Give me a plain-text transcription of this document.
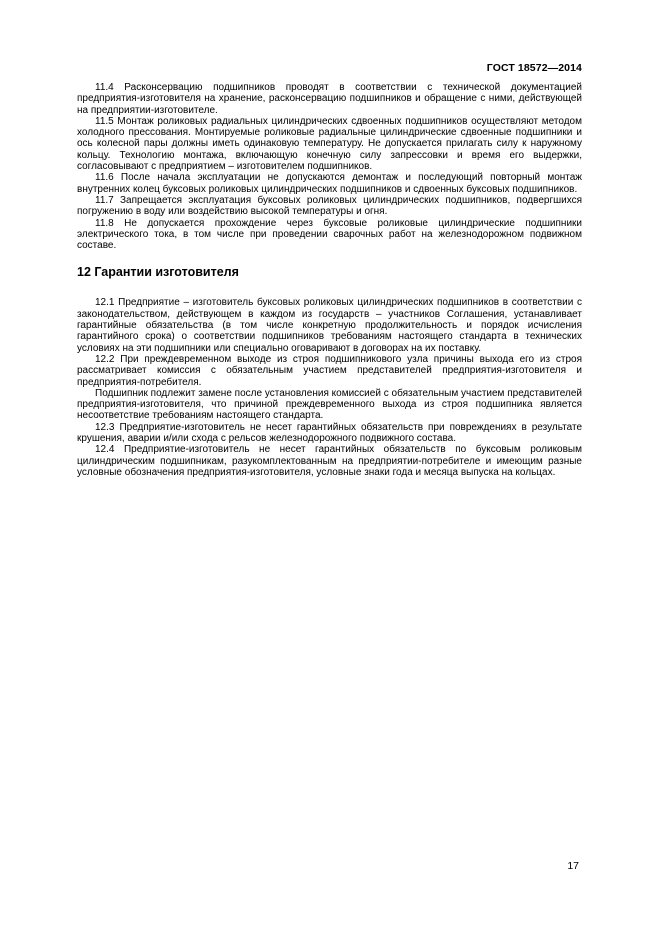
ГОСТ 18572—2014

11.4 Расконсервацию подшипников проводят в соответствии с технической документацией предприятия-изготовителя на хранение, расконсервацию подшипников и обращение с ними, действующей на предприятии-изготовителе.

11.5 Монтаж роликовых радиальных цилиндрических сдвоенных подшипников осуществляют методом холодного прессования. Монтируемые роликовые радиальные цилиндрические сдвоенные подшипники и ось колесной пары должны иметь одинаковую температуру. Не допускается прилагать силу к наружному кольцу. Технологию монтажа, включающую конечную силу запрессовки и время его выдержки, согласовывают с предприятием – изготовителем подшипников.

11.6 После начала эксплуатации не допускаются демонтаж и последующий повторный монтаж внутренних колец буксовых роликовых цилиндрических подшипников и сдвоенных буксовых подшипников.

11.7 Запрещается эксплуатация буксовых роликовых цилиндрических подшипников, подвергшихся погружению в воду или воздействию высокой температуры и огня.

11.8 Не допускается прохождение через буксовые роликовые цилиндрические подшипники электрического тока, в том числе при проведении сварочных работ на железнодорожном подвижном составе.

12 Гарантии изготовителя

12.1 Предприятие – изготовитель буксовых роликовых цилиндрических подшипников в соответствии с законодательством, действующем в каждом из государств – участников Соглашения, устанавливает гарантийные обязательства (в том числе конкретную продолжительность и порядок исчисления гарантийного срока) о соответствии подшипников требованиям настоящего стандарта в технических условиях на эти подшипники или специально оговаривают в договорах на их поставку.

12.2 При преждевременном выходе из строя подшипникового узла причины выхода его из строя рассматривает комиссия с обязательным участием представителей предприятия-изготовителя и предприятия-потребителя.

Подшипник подлежит замене после установления комиссией с обязательным участием представителей предприятия-изготовителя, что причиной преждевременного выхода из строя подшипника является несоответствие требованиям настоящего стандарта.

12.3 Предприятие-изготовитель не несет гарантийных обязательств при повреждениях в результате крушения, аварии и/или схода с рельсов железнодорожного подвижного состава.

12.4 Предприятие-изготовитель не несет гарантийных обязательств по буксовым роликовым цилиндрическим подшипникам, разукомплектованным на предприятии-потребителе и имеющим разные условные обозначения предприятия-изготовителя, условные знаки года и месяца выпуска на кольцах.

17
